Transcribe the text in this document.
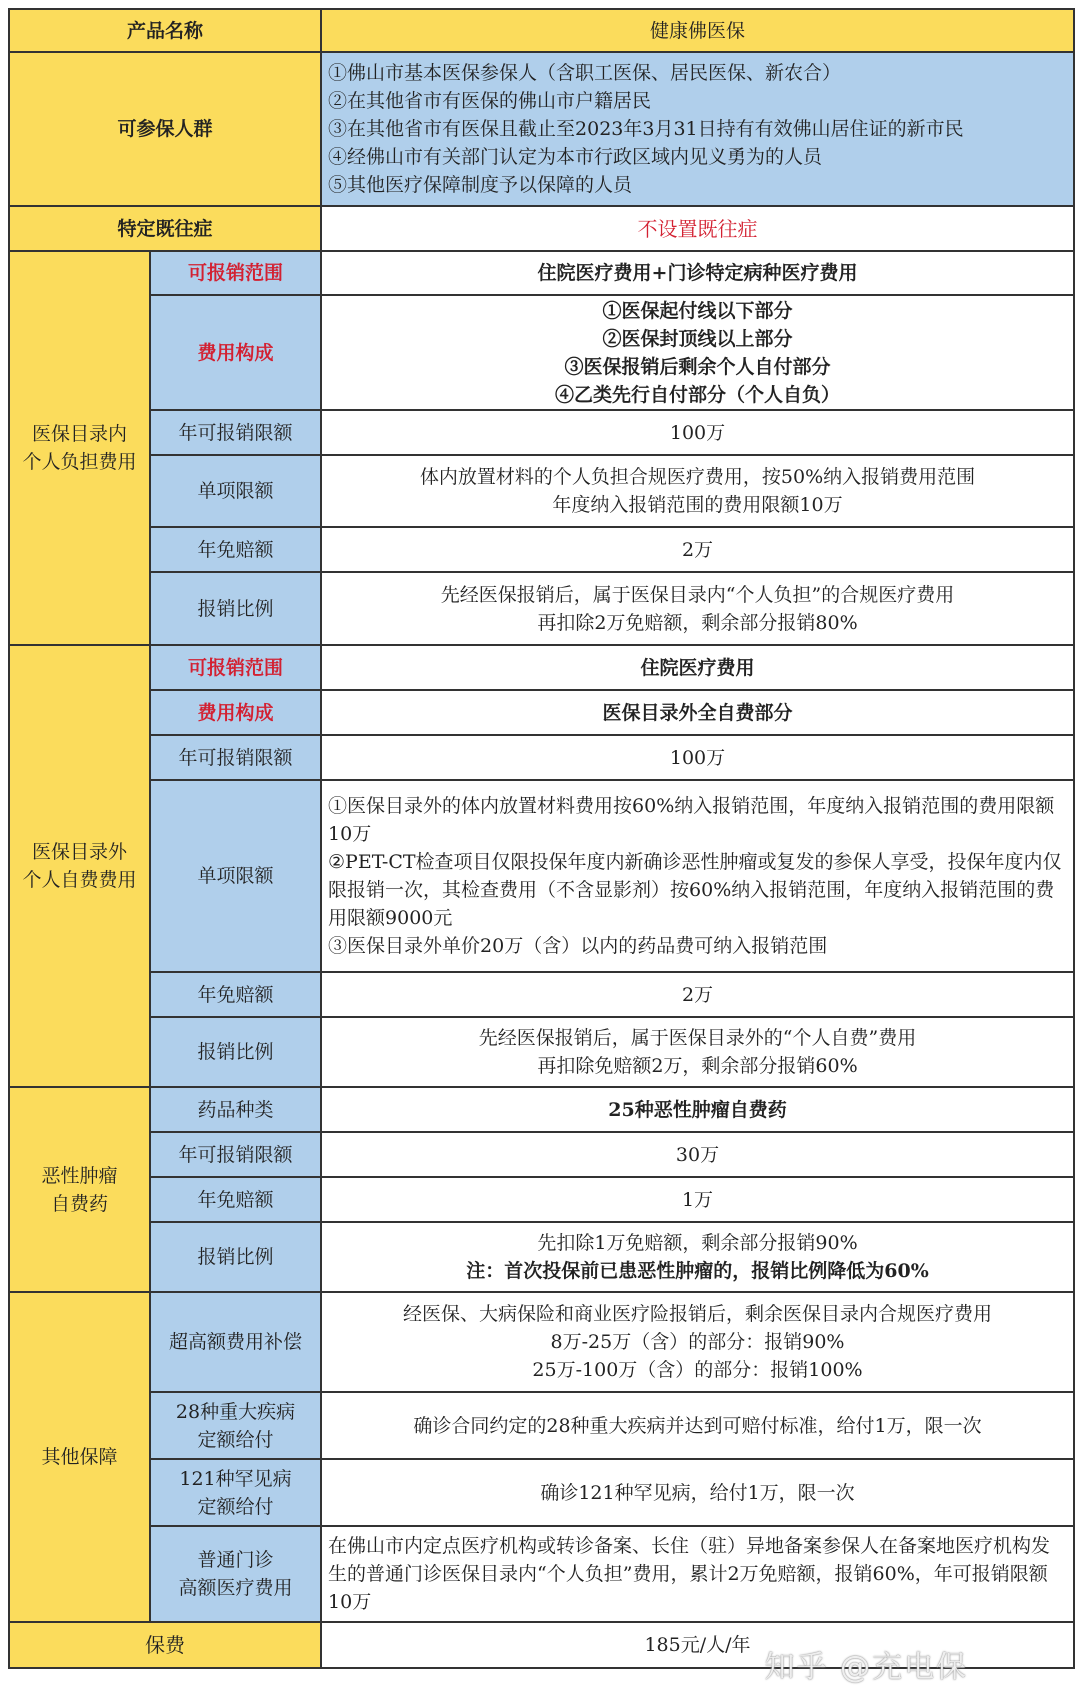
产品名称		健康佛医保
可参保人群		①佛山市基本医保参保人（含职工医保、居民医保、新农合）
②在其他省市有医保的佛山市户籍居民
③在其他省市有医保且截止至2023年3月31日持有有效佛山居住证的新市民
④经佛山市有关部门认定为本市行政区域内见义勇为的人员
⑤其他医疗保障制度予以保障的人员

特定既往症		不设置既往症

医保目录内
个人负担费用	可报销范围	住院医疗费用+门诊特定病种医疗费用
	费用构成	①医保起付线以下部分
②医保封顶线以上部分
③医保报销后剩余个人自付部分
④乙类先行自付部分（个人自负）

	年可报销限额	100万
	单项限额	体内放置材料的个人负担合规医疗费用，按50%纳入报销费用范围
年度纳入报销范围的费用限额10万

	年免赔额	2万
	报销比例	先经医保报销后，属于医保目录内“个人负担”的合规医疗费用
再扣除2万免赔额，剩余部分报销80%

医保目录外
个人自费费用	可报销范围	住院医疗费用
	费用构成	医保目录外全自费部分
	年可报销限额	100万
	单项限额	①医保目录外的体内放置材料费用按60%纳入报销范围，年度纳入报销范围的费用限额10万
②PET-CT检查项目仅限投保年度内新确诊恶性肿瘤或复发的参保人享受，投保年度内仅限报销一次，其检查费用（不含显影剂）按60%纳入报销范围，年度纳入报销范围的费用限额9000元
③医保目录外单价20万（含）以内的药品费可纳入报销范围

	年免赔额	2万
	报销比例	先经医保报销后，属于医保目录外的“个人自费”费用
再扣除免赔额2万，剩余部分报销60%

恶性肿瘤
自费药	药品种类	25种恶性肿瘤自费药
	年可报销限额	30万
	年免赔额	1万
	报销比例	先扣除1万免赔额，剩余部分报销90%
注：首次投保前已患恶性肿瘤的，报销比例降低为60%

其他保障	超高额费用补偿	经医保、大病保险和商业医疗险报销后，剩余医保目录内合规医疗费用
8万-25万（含）的部分：报销90%
25万-100万（含）的部分：报销100%

	28种重大疾病
定额给付	确诊合同约定的28种重大疾病并达到可赔付标准，给付1万，限一次

	121种罕见病
定额给付	确诊121种罕见病，给付1万，限一次

	普通门诊
高额医疗费用	在佛山市内定点医疗机构或转诊备案、长住（驻）异地备案参保人在备案地医疗机构发生的普通门诊医保目录内“个人负担”费用，累计2万免赔额，报销60%，年可报销限额10万
保费		185元/人/年
知乎 @充电保
